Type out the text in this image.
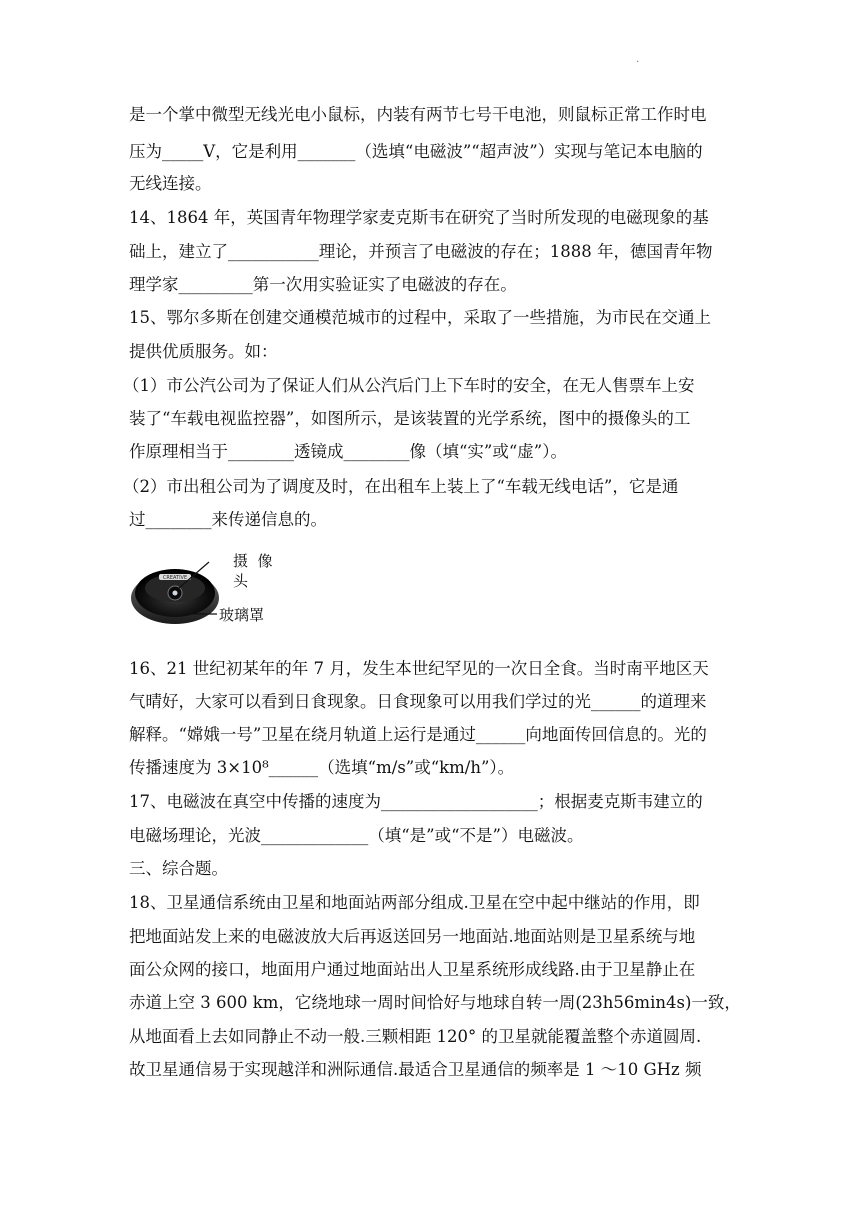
.
是一个掌中微型无线光电小鼠标，内装有两节七号干电池，则鼠标正常工作时电
压为_____V，它是利用_______（选填“电磁波”“超声波”）实现与笔记本电脑的
无线连接。
14、1864 年，英国青年物理学家麦克斯韦在研究了当时所发现的电磁现象的基
础上，建立了___________理论，并预言了电磁波的存在；1888 年，德国青年物
理学家_________第一次用实验证实了电磁波的存在。
15、鄂尔多斯在创建交通模范城市的过程中，采取了一些措施，为市民在交通上
提供优质服务。如：
（1）市公汽公司为了保证人们从公汽后门上下车时的安全，在无人售票车上安
装了“车载电视监控器”，如图所示，是该装置的光学系统，图中的摄像头的工
作原理相当于________透镜成________像（填“实”或“虚”）。
（2）市出租公司为了调度及时，在出租车上装上了“车载无线电话”，它是通
过________来传递信息的。
CREATIVE
摄  像
头
玻璃罩
16、21 世纪初某年的年 7 月，发生本世纪罕见的一次日全食。当时南平地区天
气晴好，大家可以看到日食现象。日食现象可以用我们学过的光______的道理来
解释。“嫦娥一号”卫星在绕月轨道上运行是通过______向地面传回信息的。光的
传播速度为 3×10⁸______（选填“m/s”或“km/h”）。
17、电磁波在真空中传播的速度为___________________；根据麦克斯韦建立的
电磁场理论，光波_____________（填“是”或“不是”）电磁波。
三、综合题。
18、卫星通信系统由卫星和地面站两部分组成.卫星在空中起中继站的作用，即
把地面站发上来的电磁波放大后再返送回另一地面站.地面站则是卫星系统与地
面公众网的接口，地面用户通过地面站出人卫星系统形成线路.由于卫星静止在
赤道上空 3 600 km，它绕地球一周时间恰好与地球自转一周(23h56min4s)一致，
从地面看上去如同静止不动一般.三颗相距 120° 的卫星就能覆盖整个赤道圆周.
故卫星通信易于实现越洋和洲际通信.最适合卫星通信的频率是 1 ～10 GHz 频
